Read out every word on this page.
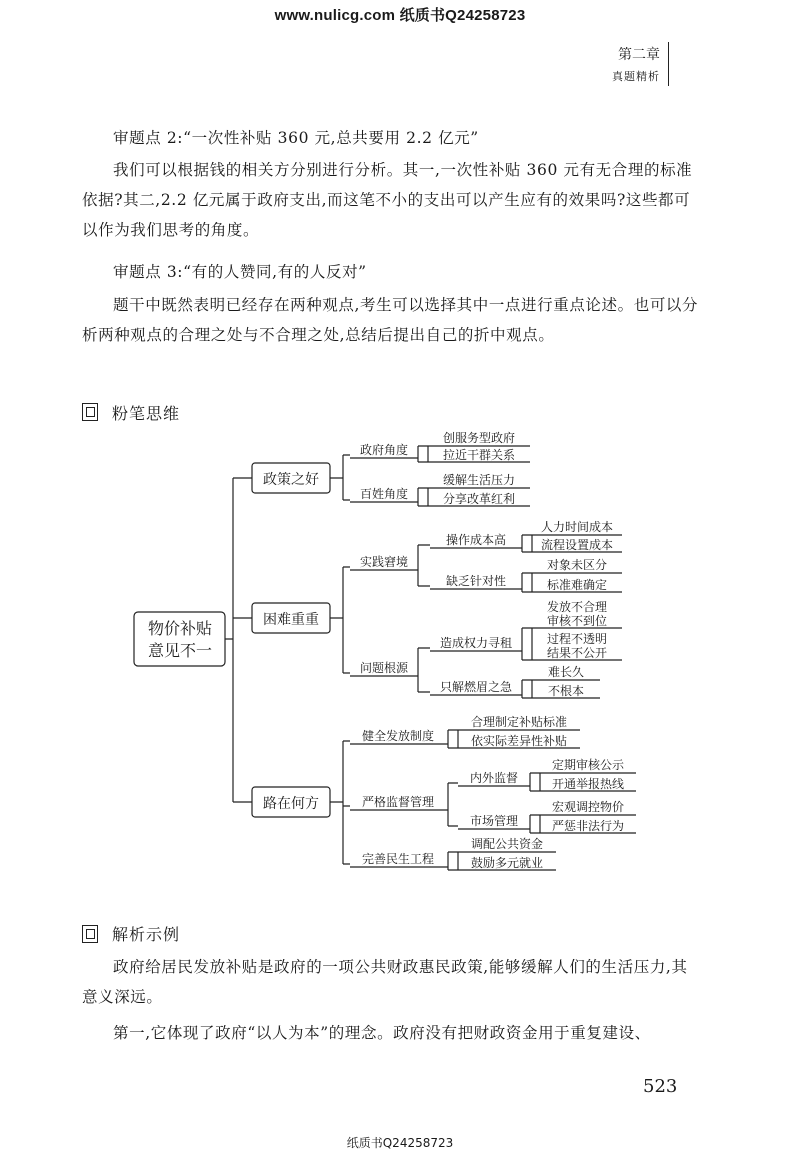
www.nulicg.com 纸质书Q24258723
第二章
真题精析
审题点 2:“一次性补贴 360 元,总共要用 2.2 亿元”
我们可以根据钱的相关方分别进行分析。其一,一次性补贴 360 元有无合理的标准依据?其二,2.2 亿元属于政府支出,而这笔不小的支出可以产生应有的效果吗?这些都可以作为我们思考的角度。
审题点 3:“有的人赞同,有的人反对”
题干中既然表明已经存在两种观点,考生可以选择其中一点进行重点论述。也可以分析两种观点的合理之处与不合理之处,总结后提出自己的折中观点。
粉笔思维
物价补贴
意见不一
政策之好
困难重重
路在何方
政府角度
创服务型政府
拉近干群关系
百姓角度
缓解生活压力
分享改革红利
实践窘境
操作成本高
人力时间成本
流程设置成本
缺乏针对性
对象未区分
标准难确定
问题根源
造成权力寻租
发放不合理
审核不到位
过程不透明
结果不公开
只解燃眉之急
难长久
不根本
健全发放制度
合理制定补贴标准
依实际差异性补贴
严格监督管理
内外监督
定期审核公示
开通举报热线
市场管理
宏观调控物价
严惩非法行为
完善民生工程
调配公共资金
鼓励多元就业
解析示例
政府给居民发放补贴是政府的一项公共财政惠民政策,能够缓解人们的生活压力,其意义深远。
第一,它体现了政府“以人为本”的理念。政府没有把财政资金用于重复建设、
523
纸质书Q24258723
